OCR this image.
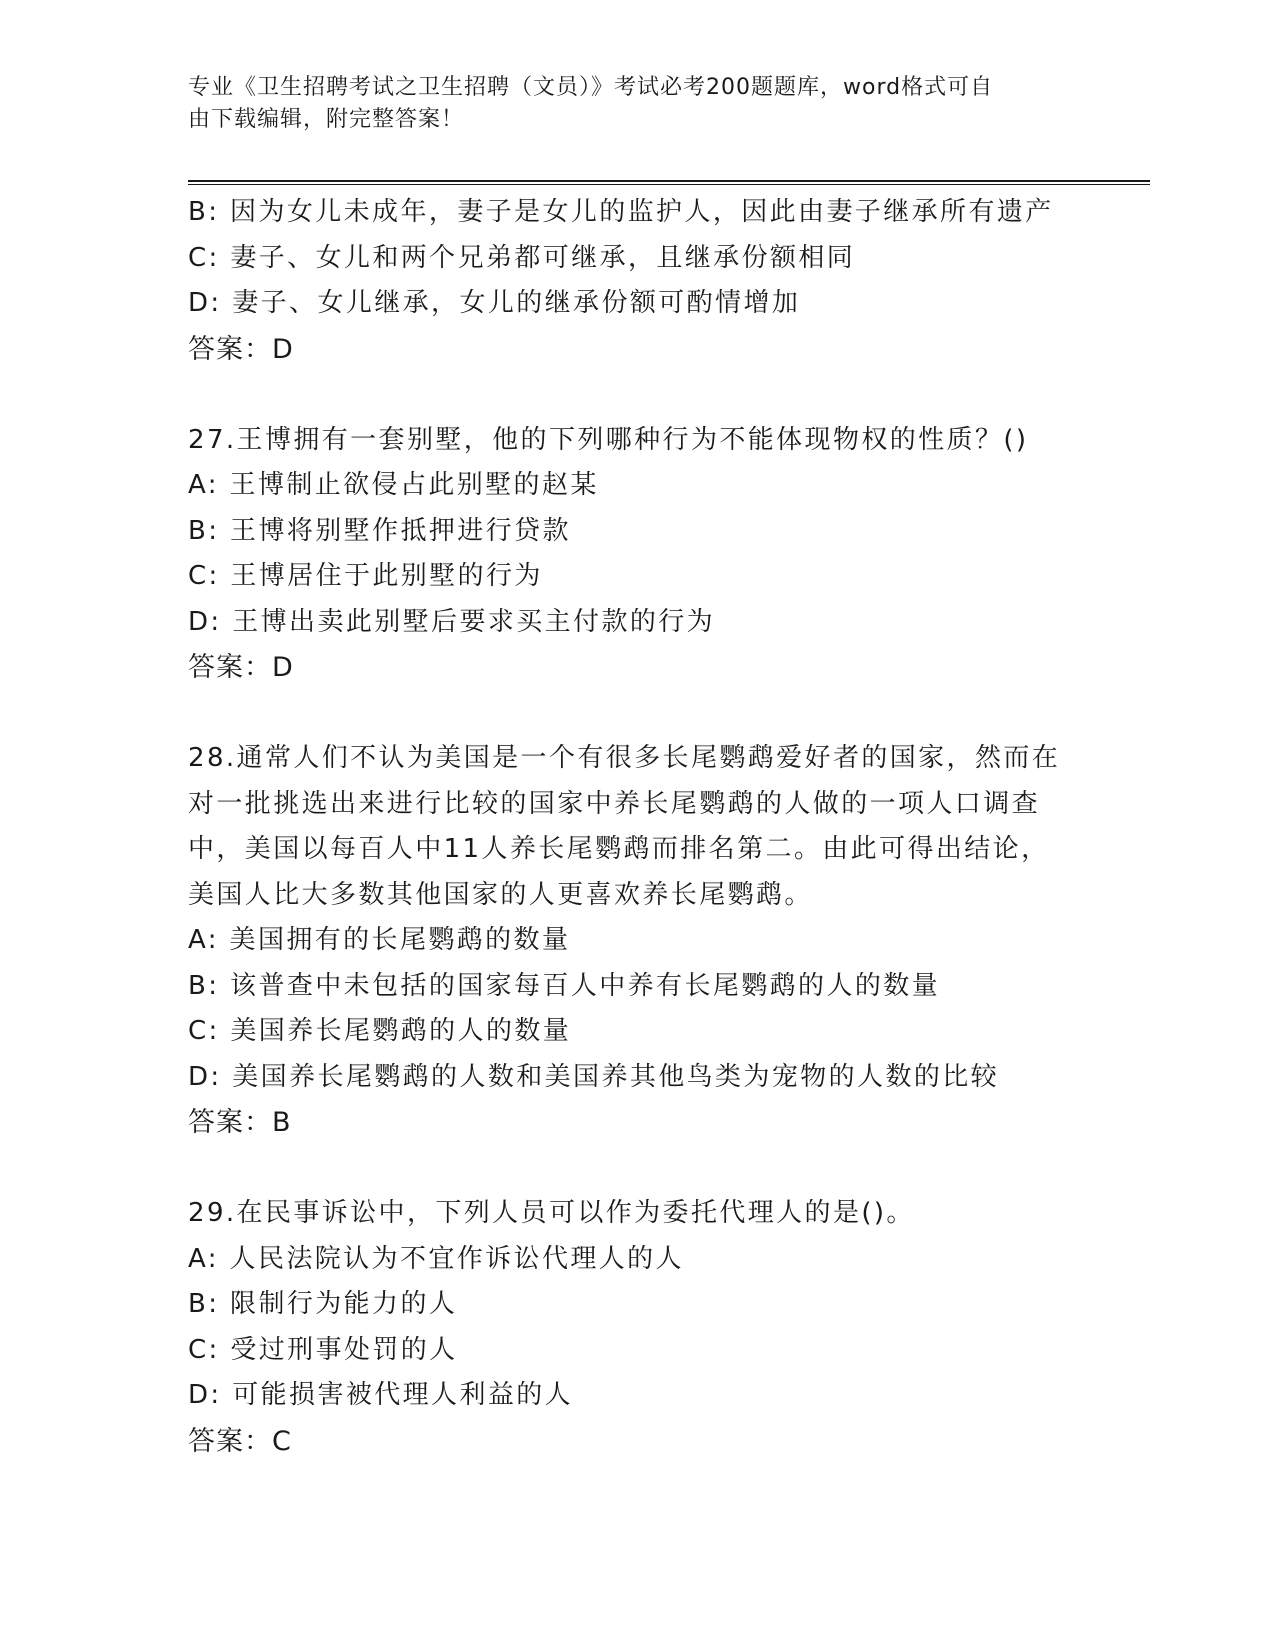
专业《卫生招聘考试之卫生招聘（文员）》考试必考200题题库，word格式可自
由下载编辑，附完整答案！
B: 因为女儿未成年，妻子是女儿的监护人，因此由妻子继承所有遗产
C: 妻子、女儿和两个兄弟都可继承，且继承份额相同
D: 妻子、女儿继承，女儿的继承份额可酌情增加
答案：D
27.王博拥有一套别墅，他的下列哪种行为不能体现物权的性质？()
A: 王博制止欲侵占此别墅的赵某
B: 王博将别墅作抵押进行贷款
C: 王博居住于此别墅的行为
D: 王博出卖此别墅后要求买主付款的行为
答案：D
28.通常人们不认为美国是一个有很多长尾鹦鹉爱好者的国家，然而在
对一批挑选出来进行比较的国家中养长尾鹦鹉的人做的一项人口调查
中，美国以每百人中11人养长尾鹦鹉而排名第二。由此可得出结论，
美国人比大多数其他国家的人更喜欢养长尾鹦鹉。
A: 美国拥有的长尾鹦鹉的数量
B: 该普查中未包括的国家每百人中养有长尾鹦鹉的人的数量
C: 美国养长尾鹦鹉的人的数量
D: 美国养长尾鹦鹉的人数和美国养其他鸟类为宠物的人数的比较
答案：B
29.在民事诉讼中，下列人员可以作为委托代理人的是()。
A: 人民法院认为不宜作诉讼代理人的人
B: 限制行为能力的人
C: 受过刑事处罚的人
D: 可能损害被代理人利益的人
答案：C
